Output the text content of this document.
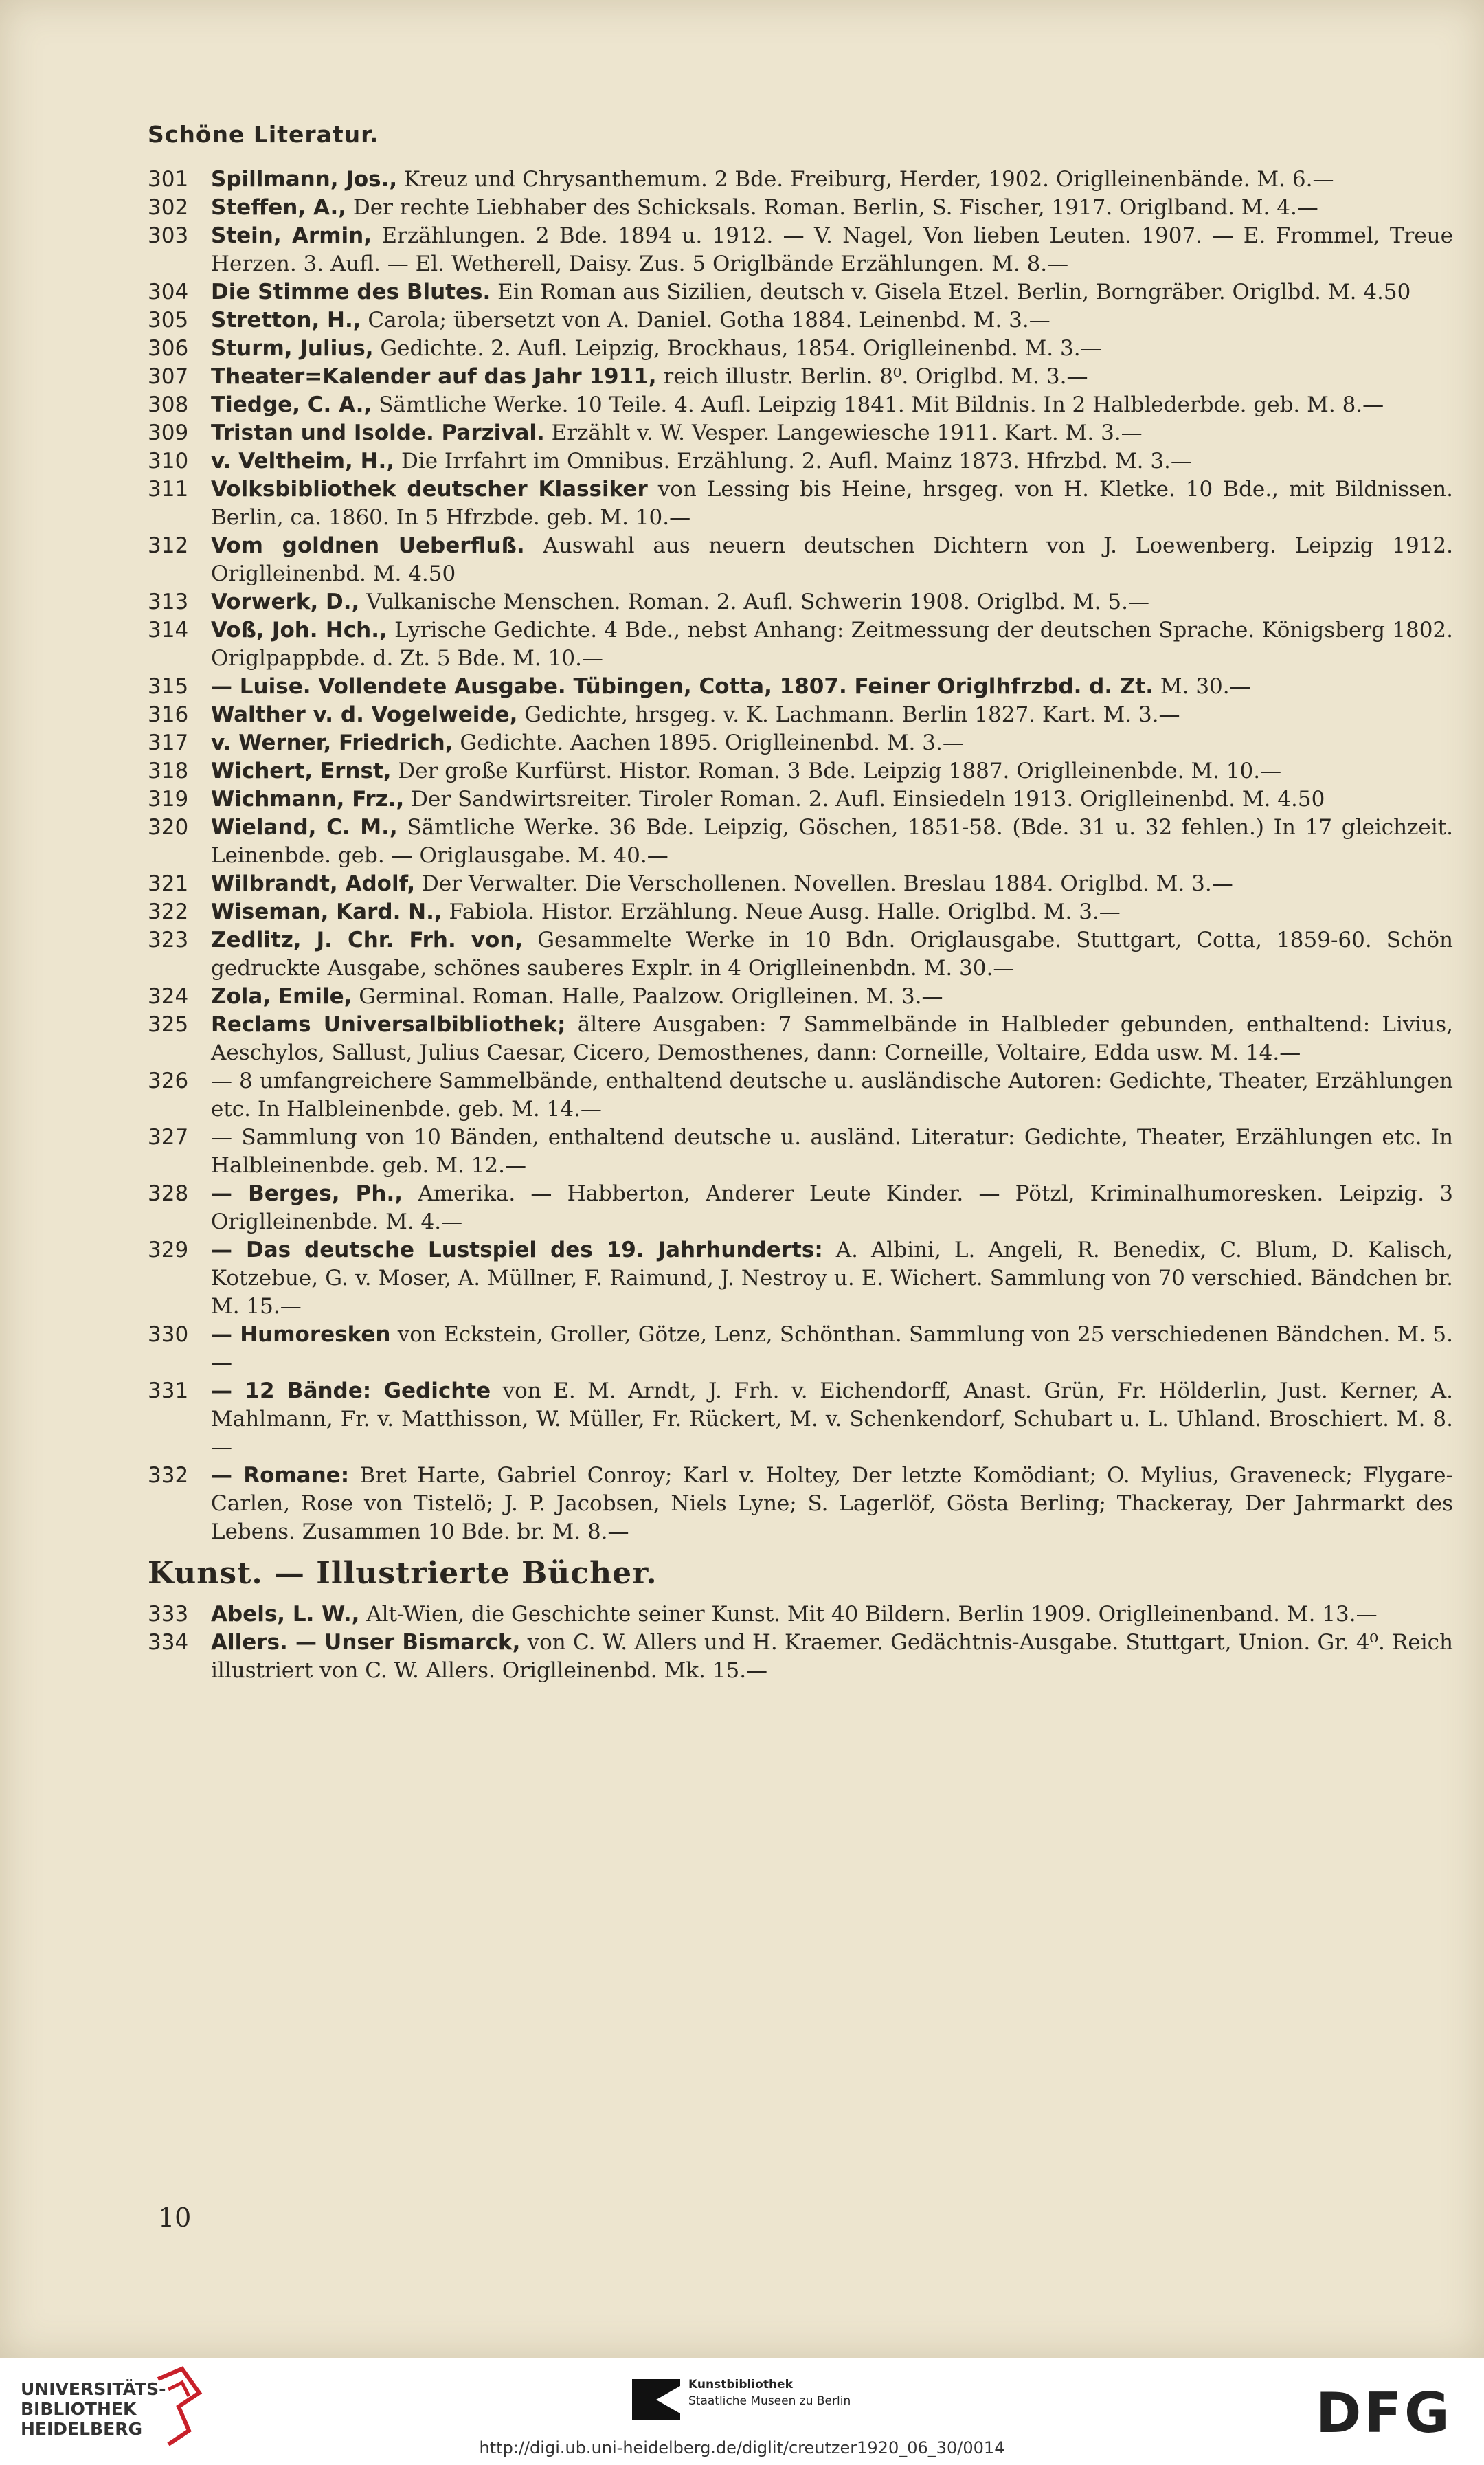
Schöne Literatur.
301	Spillmann, Jos., Kreuz und Chrysanthemum. 2 Bde. Freiburg, Herder, 1902. Origlleinenbände. M. 6.—
302	Steffen, A., Der rechte Liebhaber des Schicksals. Roman. Berlin, S. Fischer, 1917. Origlband. M. 4.—
303	Stein, Armin, Erzählungen. 2 Bde. 1894 u. 1912. — V. Nagel, Von lieben Leuten. 1907. — E. Frommel, Treue Herzen. 3. Aufl. — El. Wetherell, Daisy. Zus. 5 Origlbände Erzählungen. M. 8.—
304	Die Stimme des Blutes. Ein Roman aus Sizilien, deutsch v. Gisela Etzel. Berlin, Borngräber. Origlbd. M. 4.50
305	Stretton, H., Carola; übersetzt von A. Daniel. Gotha 1884. Leinenbd. M. 3.—
306	Sturm, Julius, Gedichte. 2. Aufl. Leipzig, Brockhaus, 1854. Origlleinenbd. M. 3.—
307	Theater=Kalender auf das Jahr 1911, reich illustr. Berlin. 8⁰. Origlbd. M. 3.—
308	Tiedge, C. A., Sämtliche Werke. 10 Teile. 4. Aufl. Leipzig 1841. Mit Bildnis. In 2 Halblederbde. geb. M. 8.—
309	Tristan und Isolde. Parzival. Erzählt v. W. Vesper. Langewiesche 1911. Kart. M. 3.—
310	v. Veltheim, H., Die Irrfahrt im Omnibus. Erzählung. 2. Aufl. Mainz 1873. Hfrzbd. M. 3.—
311	Volksbibliothek deutscher Klassiker von Lessing bis Heine, hrsgeg. von H. Kletke. 10 Bde., mit Bildnissen. Berlin, ca. 1860. In 5 Hfrzbde. geb. M. 10.—
312	Vom goldnen Ueberfluß. Auswahl aus neuern deutschen Dichtern von J. Loewenberg. Leipzig 1912. Origlleinenbd. M. 4.50
313	Vorwerk, D., Vulkanische Menschen. Roman. 2. Aufl. Schwerin 1908. Origlbd. M. 5.—
314	Voß, Joh. Hch., Lyrische Gedichte. 4 Bde., nebst Anhang: Zeitmessung der deutschen Sprache. Königsberg 1802. Origlpappbde. d. Zt. 5 Bde. M. 10.—
315	— Luise. Vollendete Ausgabe. Tübingen, Cotta, 1807. Feiner Origlhfrzbd. d. Zt. M. 30.—
316	Walther v. d. Vogelweide, Gedichte, hrsgeg. v. K. Lachmann. Berlin 1827. Kart. M. 3.—
317	v. Werner, Friedrich, Gedichte. Aachen 1895. Origlleinenbd. M. 3.—
318	Wichert, Ernst, Der große Kurfürst. Histor. Roman. 3 Bde. Leipzig 1887. Origlleinenbde. M. 10.—
319	Wichmann, Frz., Der Sandwirtsreiter. Tiroler Roman. 2. Aufl. Einsiedeln 1913. Origlleinenbd. M. 4.50
320	Wieland, C. M., Sämtliche Werke. 36 Bde. Leipzig, Göschen, 1851-58. (Bde. 31 u. 32 fehlen.) In 17 gleichzeit. Leinenbde. geb. — Origlausgabe. M. 40.—
321	Wilbrandt, Adolf, Der Verwalter. Die Verschollenen. Novellen. Breslau 1884. Origlbd. M. 3.—
322	Wiseman, Kard. N., Fabiola. Histor. Erzählung. Neue Ausg. Halle. Origlbd. M. 3.—
323	Zedlitz, J. Chr. Frh. von, Gesammelte Werke in 10 Bdn. Origlausgabe. Stuttgart, Cotta, 1859-60. Schön gedruckte Ausgabe, schönes sauberes Explr. in 4 Origlleinenbdn. M. 30.—
324	Zola, Emile, Germinal. Roman. Halle, Paalzow. Origlleinen. M. 3.—
325	Reclams Universalbibliothek; ältere Ausgaben: 7 Sammelbände in Halbleder gebunden, enthaltend: Livius, Aeschylos, Sallust, Julius Caesar, Cicero, Demosthenes, dann: Corneille, Voltaire, Edda usw. M. 14.—
326	— 8 umfangreichere Sammelbände, enthaltend deutsche u. ausländische Autoren: Gedichte, Theater, Erzählungen etc. In Halbleinenbde. geb. M. 14.—
327	— Sammlung von 10 Bänden, enthaltend deutsche u. ausländ. Literatur: Gedichte, Theater, Erzählungen etc. In Halbleinenbde. geb. M. 12.—
328	— Berges, Ph., Amerika. — Habberton, Anderer Leute Kinder. — Pötzl, Kriminalhumoresken. Leipzig. 3 Origlleinenbde. M. 4.—
329	— Das deutsche Lustspiel des 19. Jahrhunderts: A. Albini, L. Angeli, R. Benedix, C. Blum, D. Kalisch, Kotzebue, G. v. Moser, A. Müllner, F. Raimund, J. Nestroy u. E. Wichert. Sammlung von 70 verschied. Bändchen br. M. 15.—
330	— Humoresken von Eckstein, Groller, Götze, Lenz, Schönthan. Sammlung von 25 verschiedenen Bändchen. M. 5.—
331	— 12 Bände: Gedichte von E. M. Arndt, J. Frh. v. Eichendorff, Anast. Grün, Fr. Hölderlin, Just. Kerner, A. Mahlmann, Fr. v. Matthisson, W. Müller, Fr. Rückert, M. v. Schenkendorf, Schubart u. L. Uhland. Broschiert. M. 8.—
332	— Romane: Bret Harte, Gabriel Conroy; Karl v. Holtey, Der letzte Komödiant; O. Mylius, Graveneck; Flygare-Carlen, Rose von Tistelö; J. P. Jacobsen, Niels Lyne; S. Lagerlöf, Gösta Berling; Thackeray, Der Jahrmarkt des Lebens. Zusammen 10 Bde. br. M. 8.—
Kunst. — Illustrierte Bücher.
333	Abels, L. W., Alt-Wien, die Geschichte seiner Kunst. Mit 40 Bildern. Berlin 1909. Origlleinenband. M. 13.—
334	Allers. — Unser Bismarck, von C. W. Allers und H. Kraemer. Gedächtnis-Ausgabe. Stuttgart, Union. Gr. 4⁰. Reich illustriert von C. W. Allers. Origlleinenbd. Mk. 15.—
10
UNIVERSITÄTS-
BIBLIOTHEK
HEIDELBERG
Kunstbibliothek
Staatliche Museen zu Berlin	DFG
http://digi.ub.uni-heidelberg.de/diglit/creutzer1920_06_30/0014
